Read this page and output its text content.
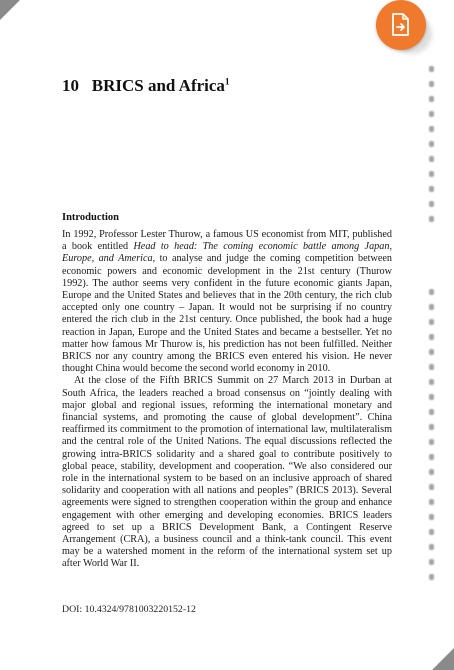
10 BRICS and Africa$^1$
Introduction

In 1992, Professor Lester Thurow, a famous US economist from MIT, published a book entitled Head to head: The coming economic battle among Japan, Europe, and America, to analyse and judge the coming competition between economic powers and economic development in the 21st century (Thurow 1992). The author seems very confident in the future economic giants Japan, Europe and the United States and believes that in the 20th century, the rich club accepted only one country – Japan. It would not be surprising if no country entered the rich club in the 21st century. Once published, the book had a huge reaction in Japan, Europe and the United States and became a bestseller. Yet no matter how famous Mr Thurow is, his prediction has not been fulfilled. Neither BRICS nor any country among the BRICS even entered his vision. He never thought China would become the second world economy in 2010.

At the close of the Fifth BRICS Summit on 27 March 2013 in Durban at South Africa, the leaders reached a broad consensus on “jointly dealing with major global and regional issues, reforming the international monetary and financial systems, and promoting the cause of global development”. China reaffirmed its commitment to the promotion of international law, multilateralism and the central role of the United Nations. The equal discussions reflected the growing intra-BRICS solidarity and a shared goal to contribute positively to global peace, stability, development and cooperation. “We also considered our role in the international system to be based on an inclusive approach of shared solidarity and cooperation with all nations and peoples” (BRICS 2013). Several agreements were signed to strengthen cooperation within the group and enhance engagement with other emerging and developing economies. BRICS leaders agreed to set up a BRICS Development Bank, a Contingent Reserve Arrangement (CRA), a business council and a think-tank council. This event may be a watershed moment in the reform of the international system set up after World War II.

DOI: 10.4324/9781003220152-12
